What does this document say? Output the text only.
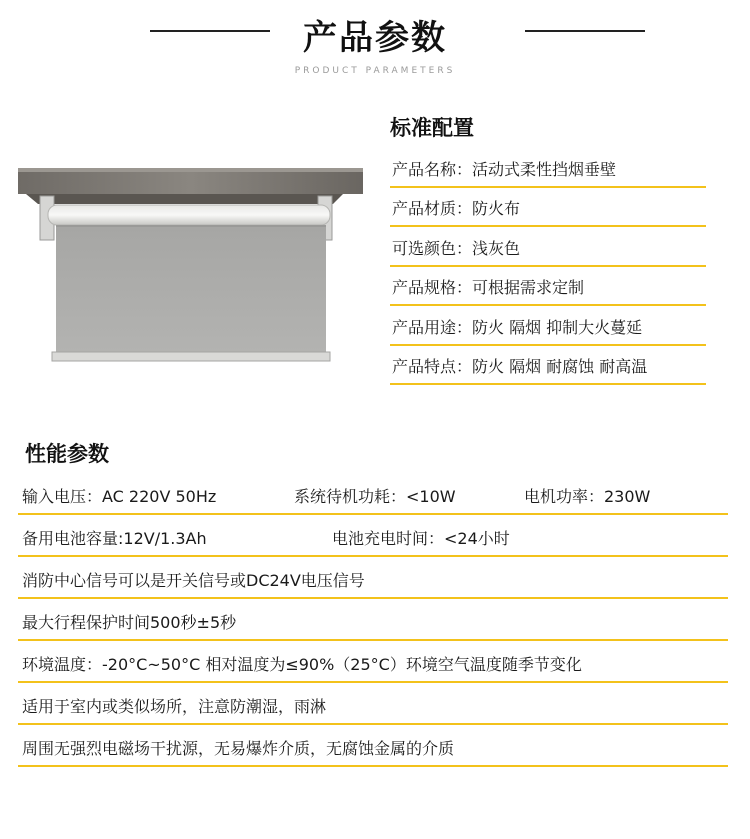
产品参数
PRODUCT PARAMETERS
标准配置
产品名称：活动式柔性挡烟垂壁
产品材质：防火布
可选颜色：浅灰色
产品规格：可根据需求定制
产品用途：防火 隔烟 抑制大火蔓延
产品特点：防火 隔烟 耐腐蚀 耐高温
性能参数
输入电压：AC 220V 50Hz	系统待机功耗：<10W	电机功率：230W
备用电池容量:12V/1.3Ah	电池充电时间：<24小时
消防中心信号可以是开关信号或DC24V电压信号
最大行程保护时间500秒±5秒
环境温度：-20°C~50°C 相对温度为≤90%（25°C）环境空气温度随季节变化
适用于室内或类似场所，注意防潮湿，雨淋
周围无强烈电磁场干扰源，无易爆炸介质，无腐蚀金属的介质
